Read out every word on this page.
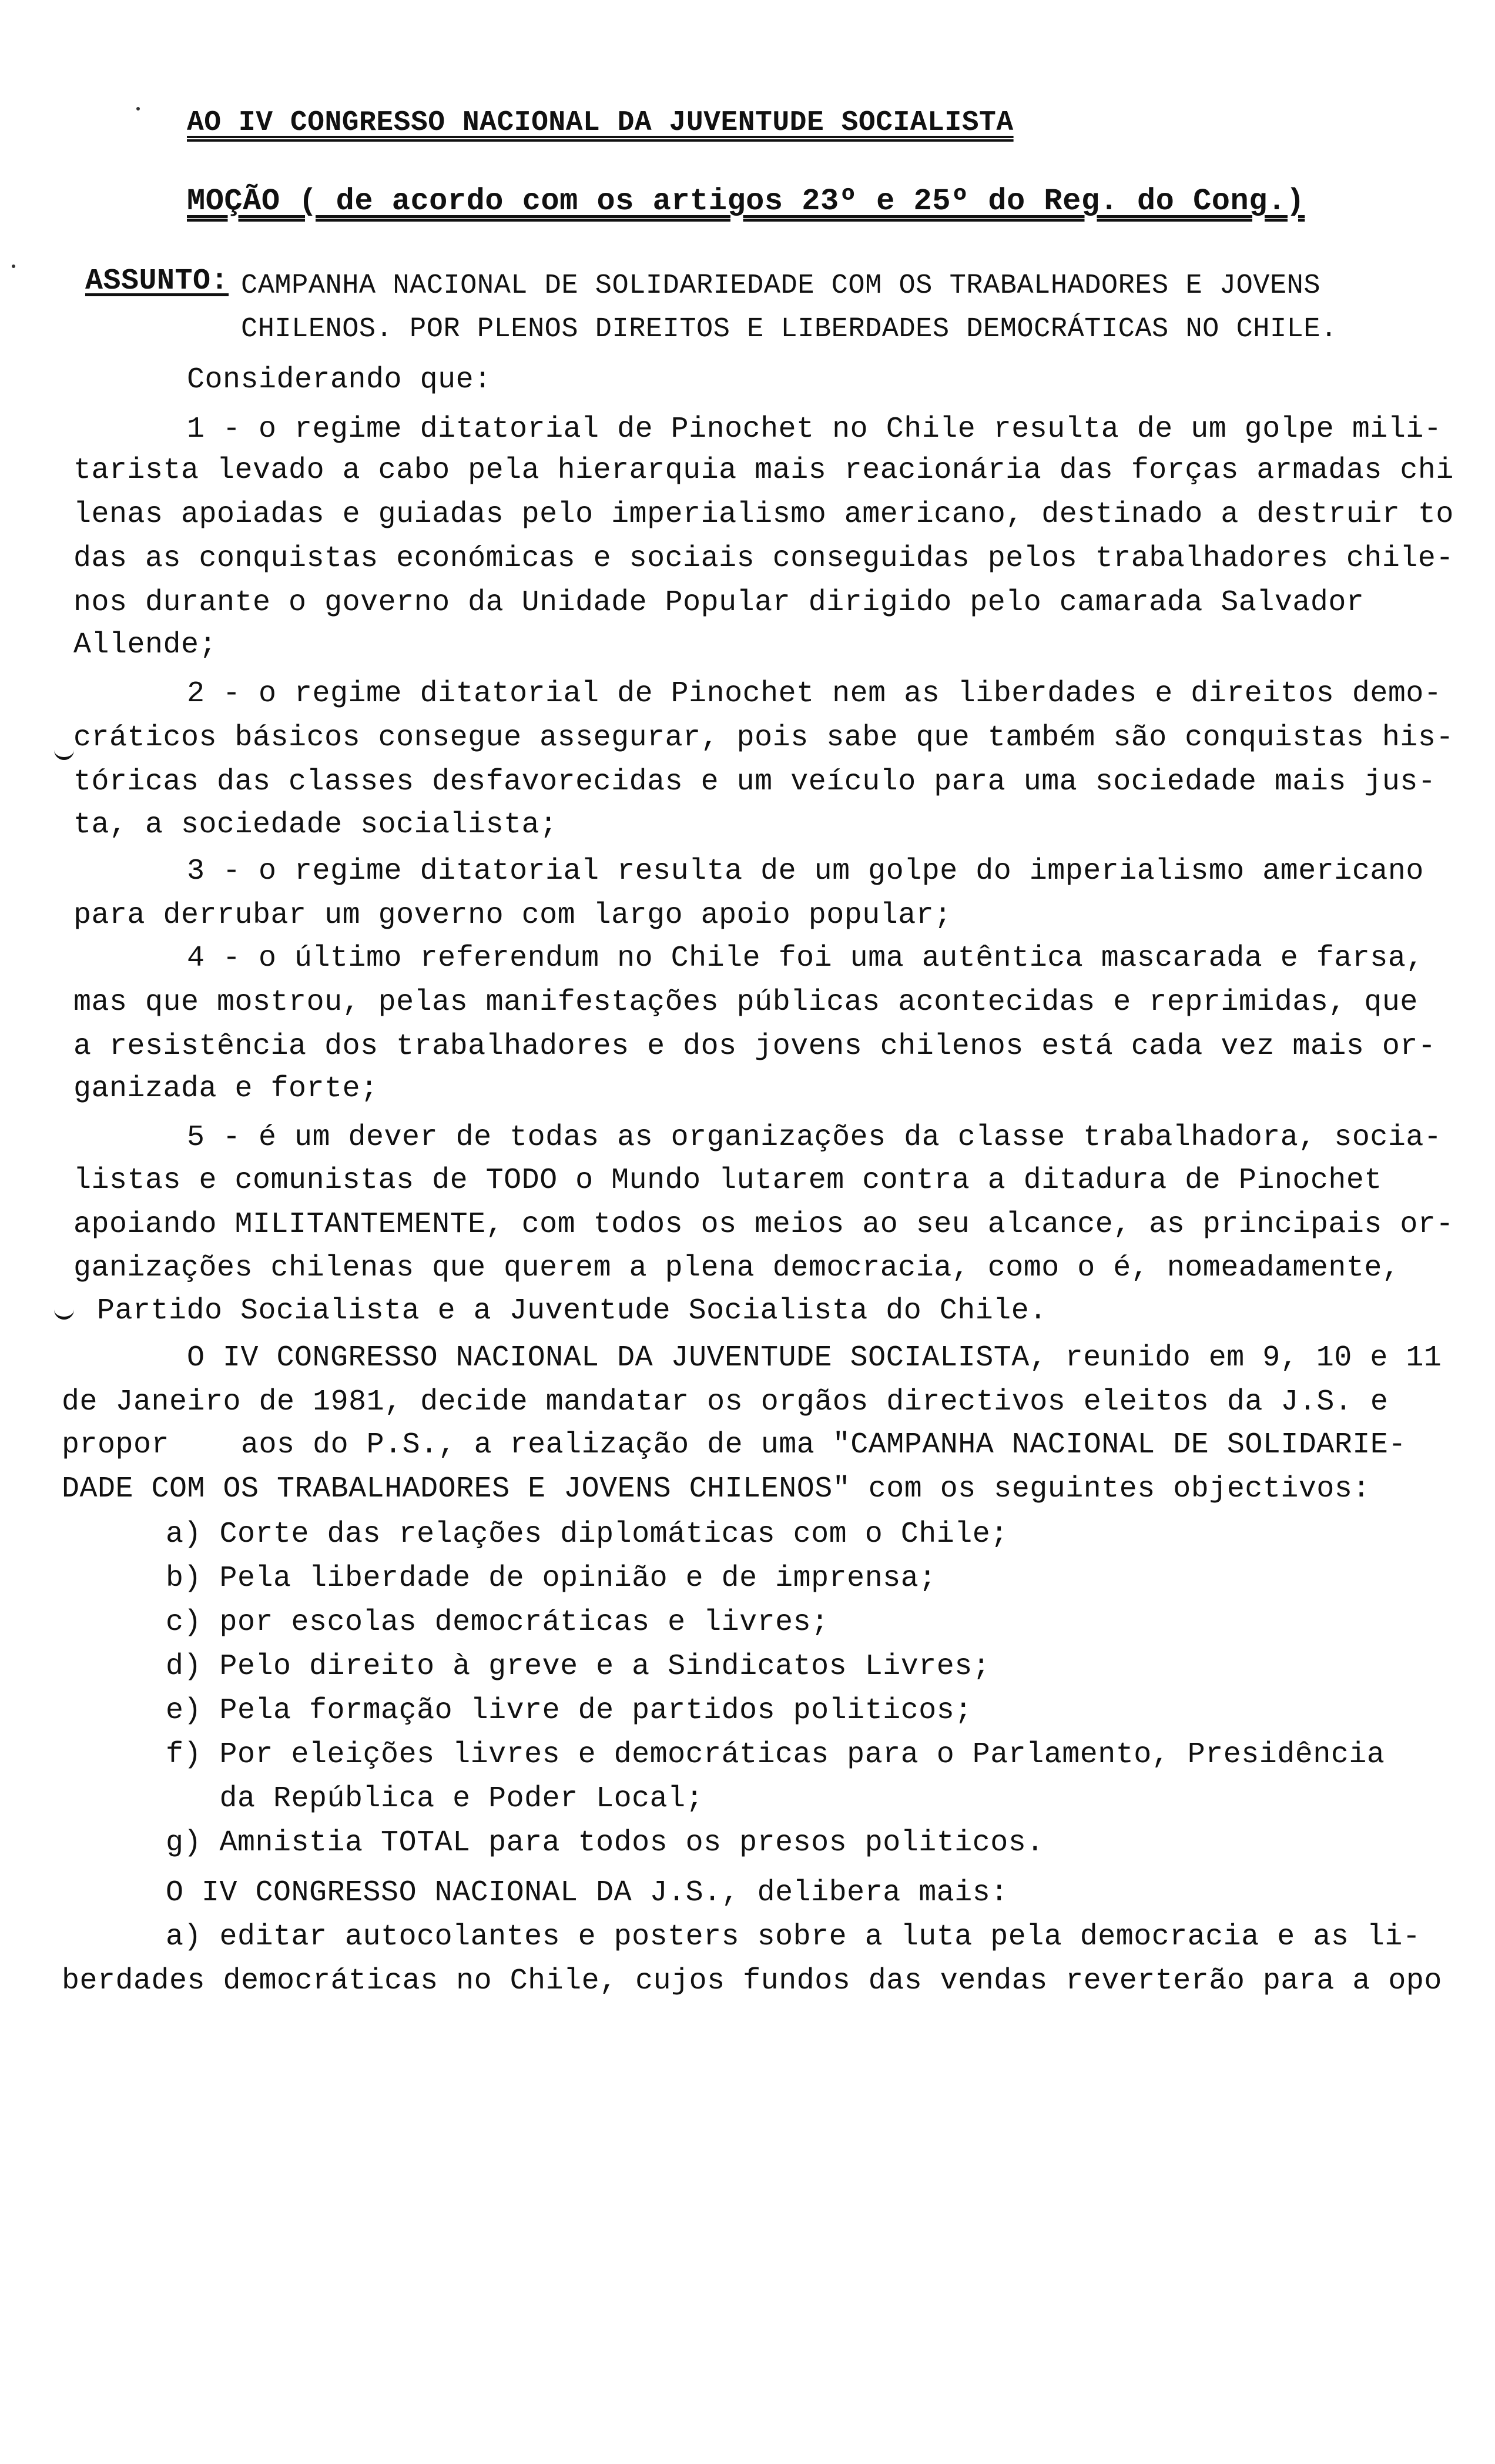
AO IV CONGRESSO NACIONAL DA JUVENTUDE SOCIALISTA
MOÇÃO ( de acordo com os artigos 23º e 25º do Reg. do Cong.)
ASSUNTO: CAMPANHA NACIONAL DE SOLIDARIEDADE COM OS TRABALHADORES E JOVENS
CHILENOS. POR PLENOS DIREITOS E LIBERDADES DEMOCRÁTICAS NO CHILE.
Considerando que:
1 - o regime ditatorial de Pinochet no Chile resulta de um golpe mili-
tarista levado a cabo pela hierarquia mais reacionária das forças armadas chi
lenas apoiadas e guiadas pelo imperialismo americano, destinado a destruir to
das as conquistas económicas e sociais conseguidas pelos trabalhadores chile-
nos durante o governo da Unidade Popular dirigido pelo camarada Salvador
Allende;
2 - o regime ditatorial de Pinochet nem as liberdades e direitos demo-
cráticos básicos consegue assegurar, pois sabe que também são conquistas his-
tóricas das classes desfavorecidas e um veículo para uma sociedade mais jus-
ta, a sociedade socialista;
3 - o regime ditatorial resulta de um golpe do imperialismo americano
para derrubar um governo com largo apoio popular;
4 - o último referendum no Chile foi uma autêntica mascarada e farsa,
mas que mostrou, pelas manifestações públicas acontecidas e reprimidas, que
a resistência dos trabalhadores e dos jovens chilenos está cada vez mais or-
ganizada e forte;
5 - é um dever de todas as organizações da classe trabalhadora, socia-
listas e comunistas de TODO o Mundo lutarem contra a ditadura de Pinochet
apoiando MILITANTEMENTE, com todos os meios ao seu alcance, as principais or-
ganizações chilenas que querem a plena democracia, como o é, nomeadamente,
Partido Socialista e a Juventude Socialista do Chile.
O IV CONGRESSO NACIONAL DA JUVENTUDE SOCIALISTA, reunido em 9, 10 e 11
de Janeiro de 1981, decide mandatar os orgãos directivos eleitos da J.S. e
propor    aos do P.S., a realização de uma "CAMPANHA NACIONAL DE SOLIDARIE-
DADE COM OS TRABALHADORES E JOVENS CHILENOS" com os seguintes objectivos:
a) Corte das relações diplomáticas com o Chile;
b) Pela liberdade de opinião e de imprensa;
c) por escolas democráticas e livres;
d) Pelo direito à greve e a Sindicatos Livres;
e) Pela formação livre de partidos politicos;
f) Por eleições livres e democráticas para o Parlamento, Presidência
da República e Poder Local;
g) Amnistia TOTAL para todos os presos politicos.
O IV CONGRESSO NACIONAL DA J.S., delibera mais:
a) editar autocolantes e posters sobre a luta pela democracia e as li-
berdades democráticas no Chile, cujos fundos das vendas reverterão para a opo
